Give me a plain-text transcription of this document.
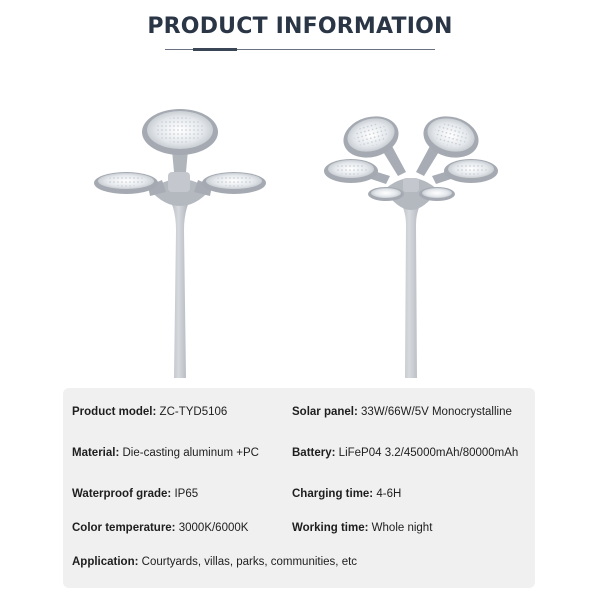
PRODUCT INFORMATION
Product model: ZC-TYD5106	Solar panel: 33W/66W/5V Monocrystalline
Material: Die-casting aluminum +PC	Battery: LiFeP04 3.2/45000mAh/80000mAh
Waterproof grade: IP65	Charging time: 4-6H
Color temperature: 3000K/6000K	Working time: Whole night
Application: Courtyards, villas, parks, communities, etc
